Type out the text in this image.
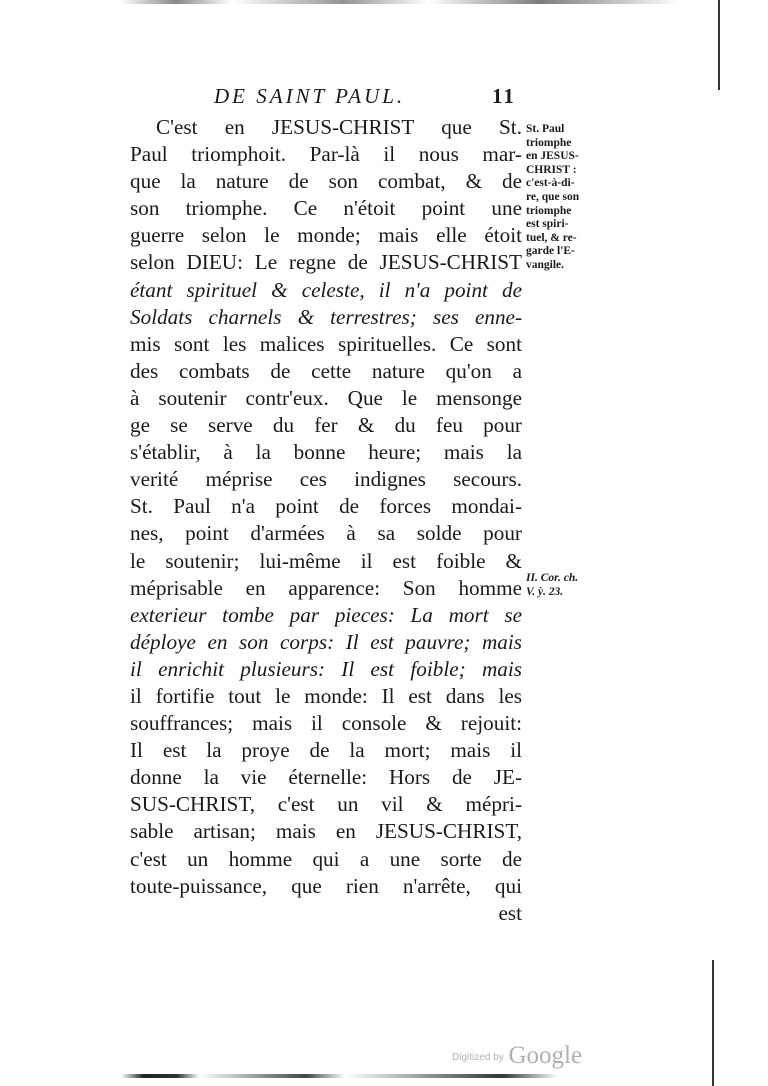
DE SAINT PAUL.	11
C'est en JESUS-CHRIST que St.
Paul triomphoit. Par-là il nous mar-
que la nature de son combat, & de
son triomphe. Ce n'étoit point une
guerre selon le monde; mais elle étoit
selon DIEU: Le regne de JESUS-CHRIST
étant spirituel & celeste, il n'a point de
Soldats charnels & terrestres; ses enne-
mis sont les malices spirituelles. Ce sont
des combats de cette nature qu'on a
à soutenir contr'eux. Que le mensonge
ge se serve du fer & du feu pour
s'établir, à la bonne heure; mais la
verité méprise ces indignes secours.
St. Paul n'a point de forces mondai-
nes, point d'armées à sa solde pour
le soutenir; lui-même il est foible &
méprisable en apparence: Son homme
exterieur tombe par pieces: La mort se
déploye en son corps: Il est pauvre; mais
il enrichit plusieurs: Il est foible; mais
il fortifie tout le monde: Il est dans les
souffrances; mais il console & rejouit:
Il est la proye de la mort; mais il
donne la vie éternelle: Hors de JE-
SUS-CHRIST, c'est un vil & mépri-
sable artisan; mais en JESUS-CHRIST,
c'est un homme qui a une sorte de
toute-puissance, que rien n'arrête, qui
est
St. Paul
triomphe
en JESUS-
CHRIST :
c'est-à-di-
re, que son
triomphe
est spiri-
tuel, & re-
garde l'E-
vangile.
II. Cor. ch.
V. ỳ. 23.
Digitized by Google
